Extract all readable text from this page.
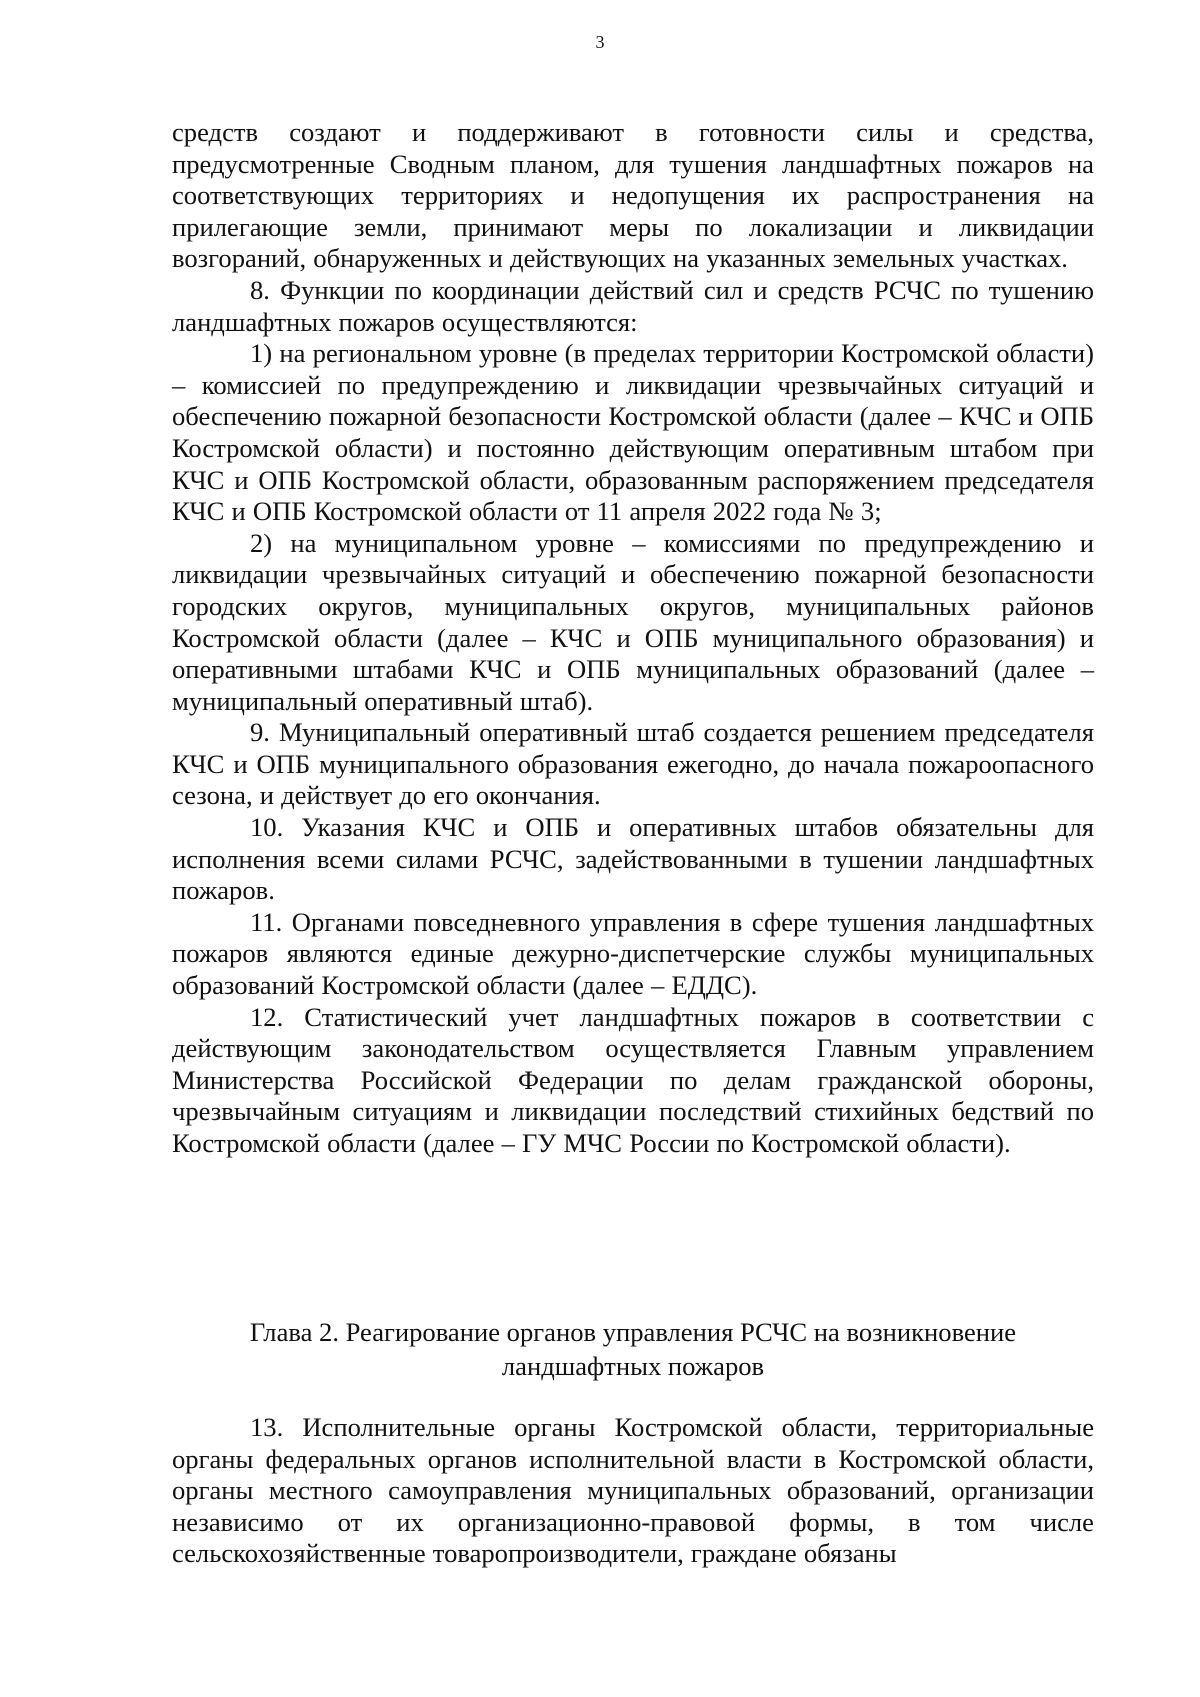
3

средств создают и поддерживают в готовности силы и средства, предусмотренные Сводным планом, для тушения ландшафтных пожаров на соответствующих территориях и недопущения их распространения на прилегающие земли, принимают меры по локализации и ликвидации возгораний, обнаруженных и действующих на указанных земельных участках.

8. Функции по координации действий сил и средств РСЧС по тушению ландшафтных пожаров осуществляются:

1) на региональном уровне (в пределах территории Костромской области) – комиссией по предупреждению и ликвидации чрезвычайных ситуаций и обеспечению пожарной безопасности Костромской области (далее – КЧС и ОПБ Костромской области) и постоянно действующим оперативным штабом при КЧС и ОПБ Костромской области, образованным распоряжением председателя КЧС и ОПБ Костромской области от 11 апреля 2022 года № 3;

2) на муниципальном уровне – комиссиями по предупреждению и ликвидации чрезвычайных ситуаций и обеспечению пожарной безопасности городских округов, муниципальных округов, муниципальных районов Костромской области (далее – КЧС и ОПБ муниципального образования) и оперативными штабами КЧС и ОПБ муниципальных образований (далее – муниципальный оперативный штаб).

9. Муниципальный оперативный штаб создается решением председателя КЧС и ОПБ муниципального образования ежегодно, до начала пожароопасного сезона, и действует до его окончания.

10. Указания КЧС и ОПБ и оперативных штабов обязательны для исполнения всеми силами РСЧС, задействованными в тушении ландшафтных пожаров.

11. Органами повседневного управления в сфере тушения ландшафтных пожаров являются единые дежурно-диспетчерские службы муниципальных образований Костромской области (далее – ЕДДС).

12. Статистический учет ландшафтных пожаров в соответствии с действующим законодательством осуществляется Главным управлением Министерства Российской Федерации по делам гражданской обороны, чрезвычайным ситуациям и ликвидации последствий стихийных бедствий по Костромской области (далее – ГУ МЧС России по Костромской области).

Глава 2. Реагирование органов управления РСЧС на возникновение

ландшафтных пожаров

13. Исполнительные органы Костромской области, территориальные органы федеральных органов исполнительной власти в Костромской области, органы местного самоуправления муниципальных образований, организации независимо от их организационно-правовой формы, в том числе сельскохозяйственные товаропроизводители, граждане обязаны
